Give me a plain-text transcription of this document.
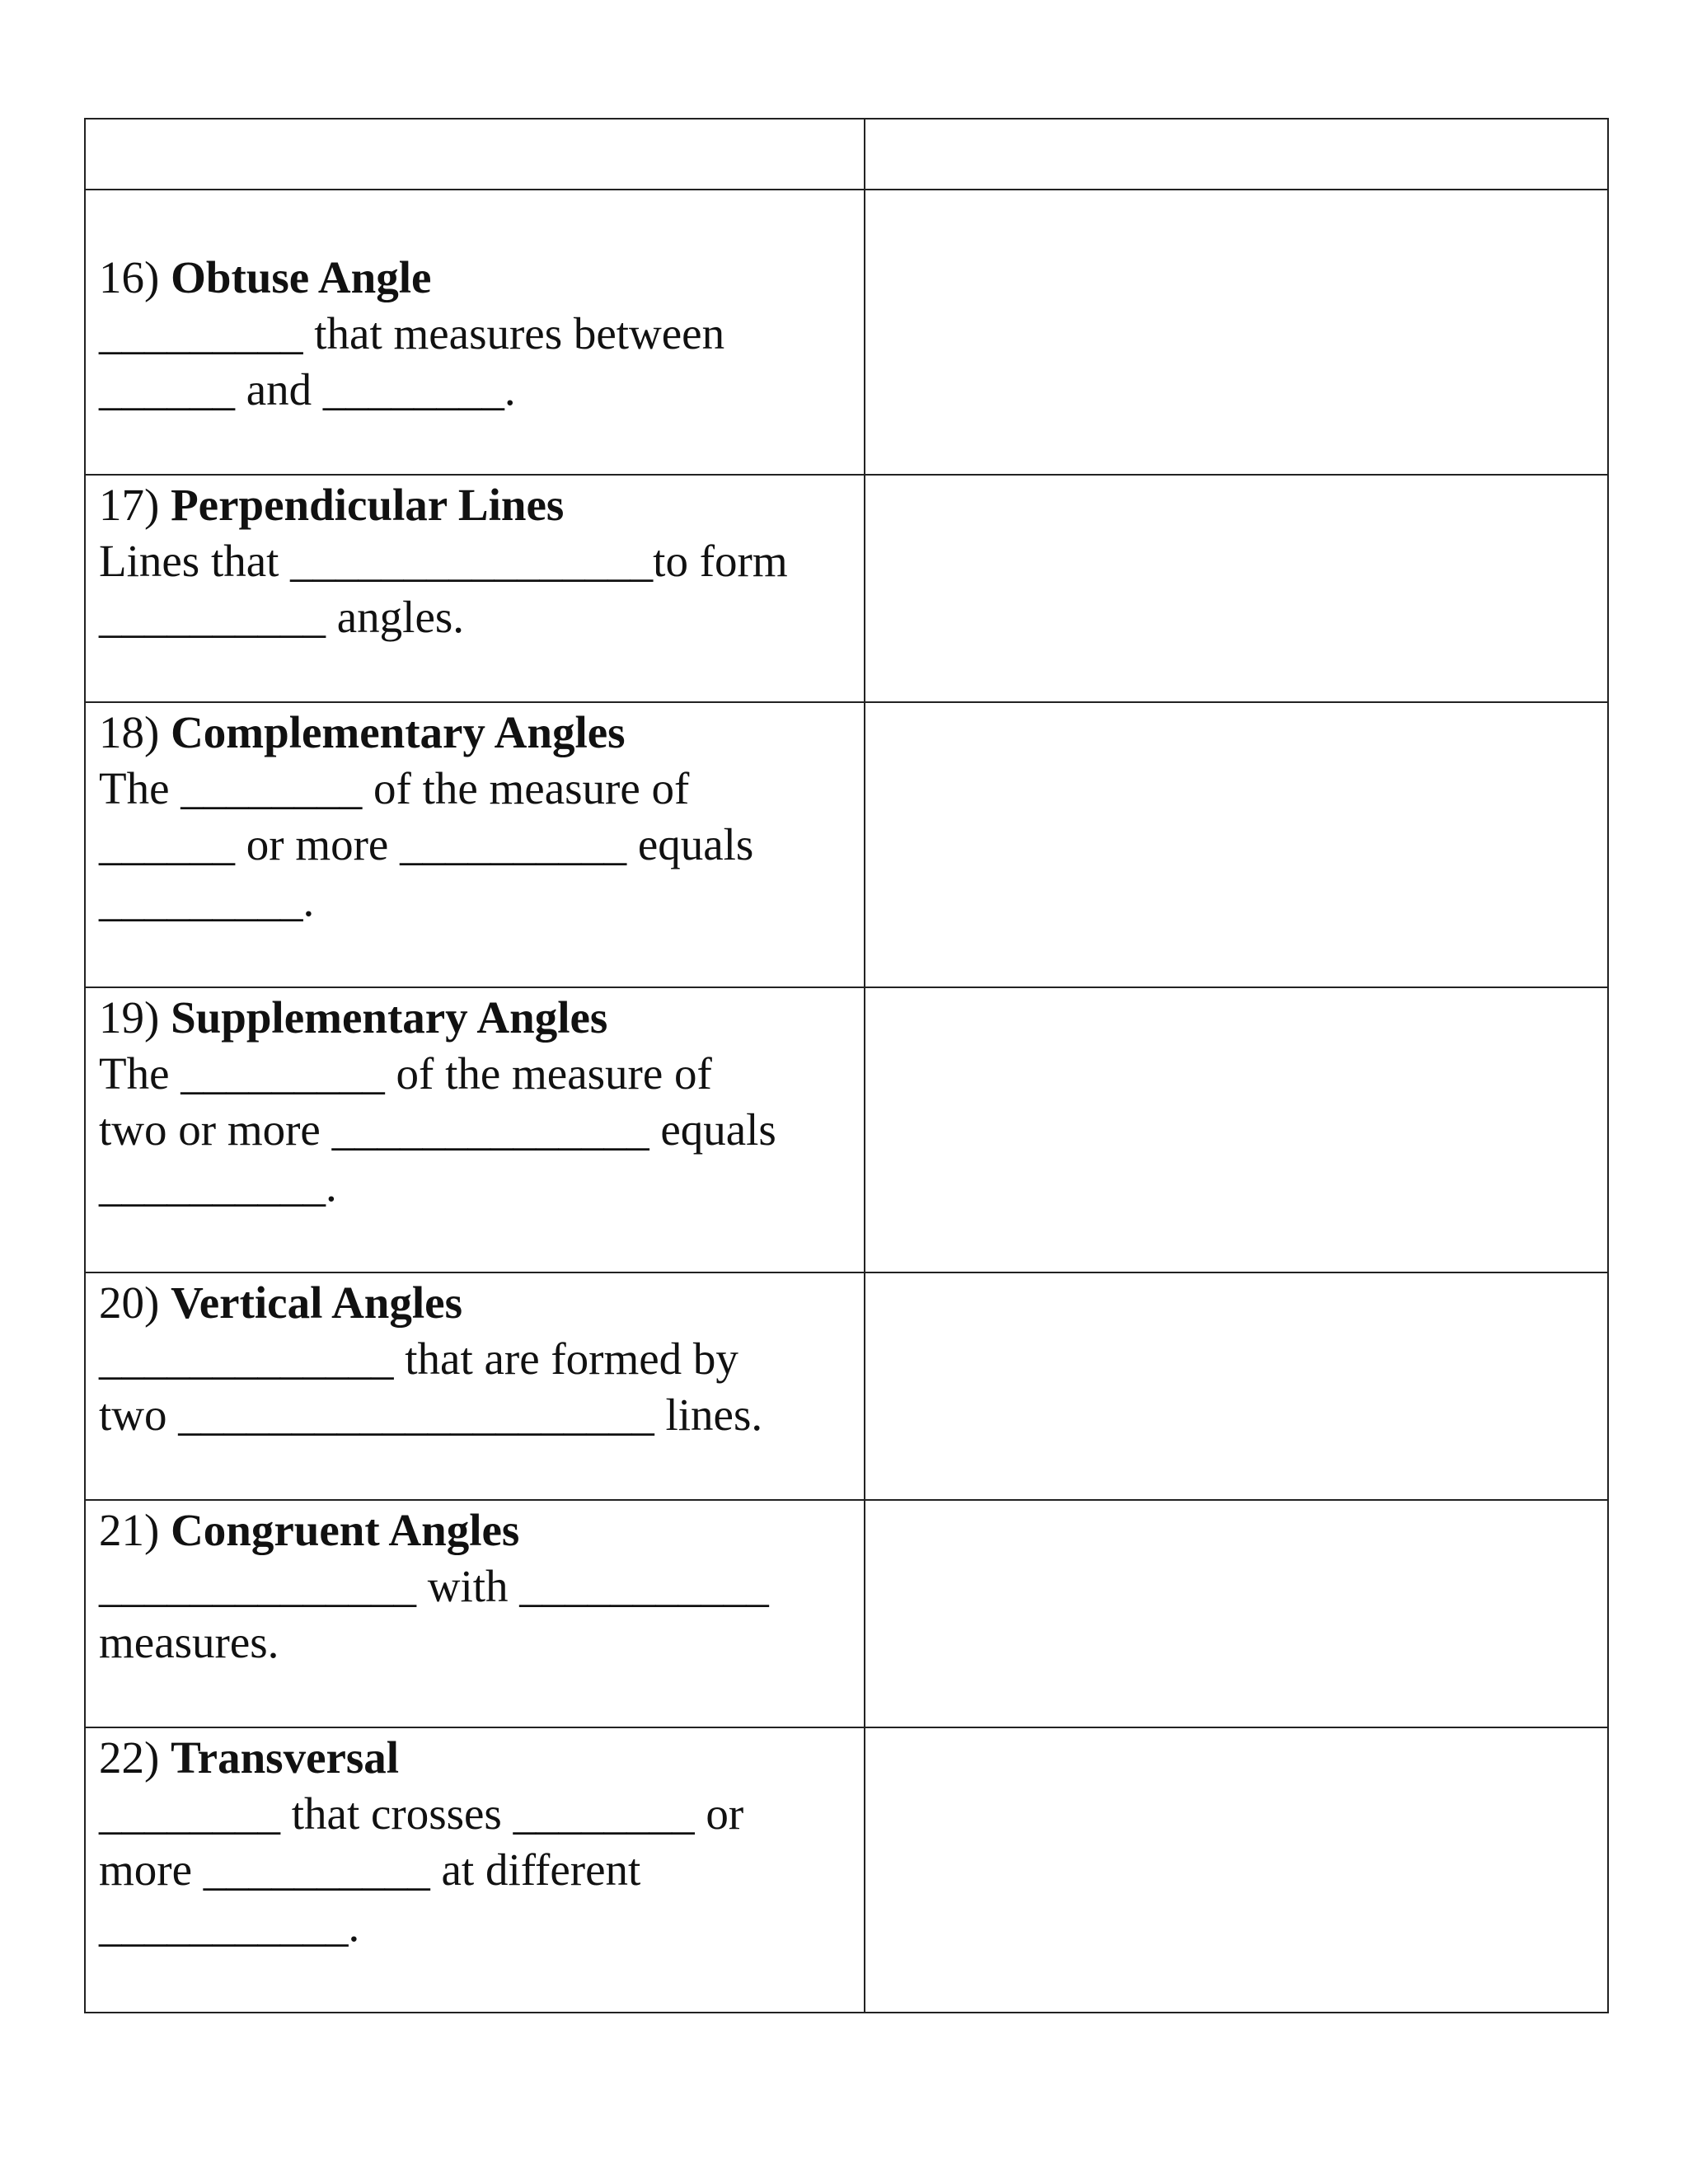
16) Obtuse Angle
_________ that measures between
______ and ________.	

17) Perpendicular Lines
Lines that ________________to form
__________ angles.	

18) Complementary Angles
The ________ of the measure of
______ or more __________ equals
_________.	

19) Supplementary Angles
The _________ of the measure of
two or more ______________ equals
__________.	

20) Vertical Angles
_____________ that are formed by
two _____________________ lines.	

21) Congruent Angles
______________ with ___________
measures.	

22) Transversal
________ that crosses ________ or
more __________ at different
___________.	
